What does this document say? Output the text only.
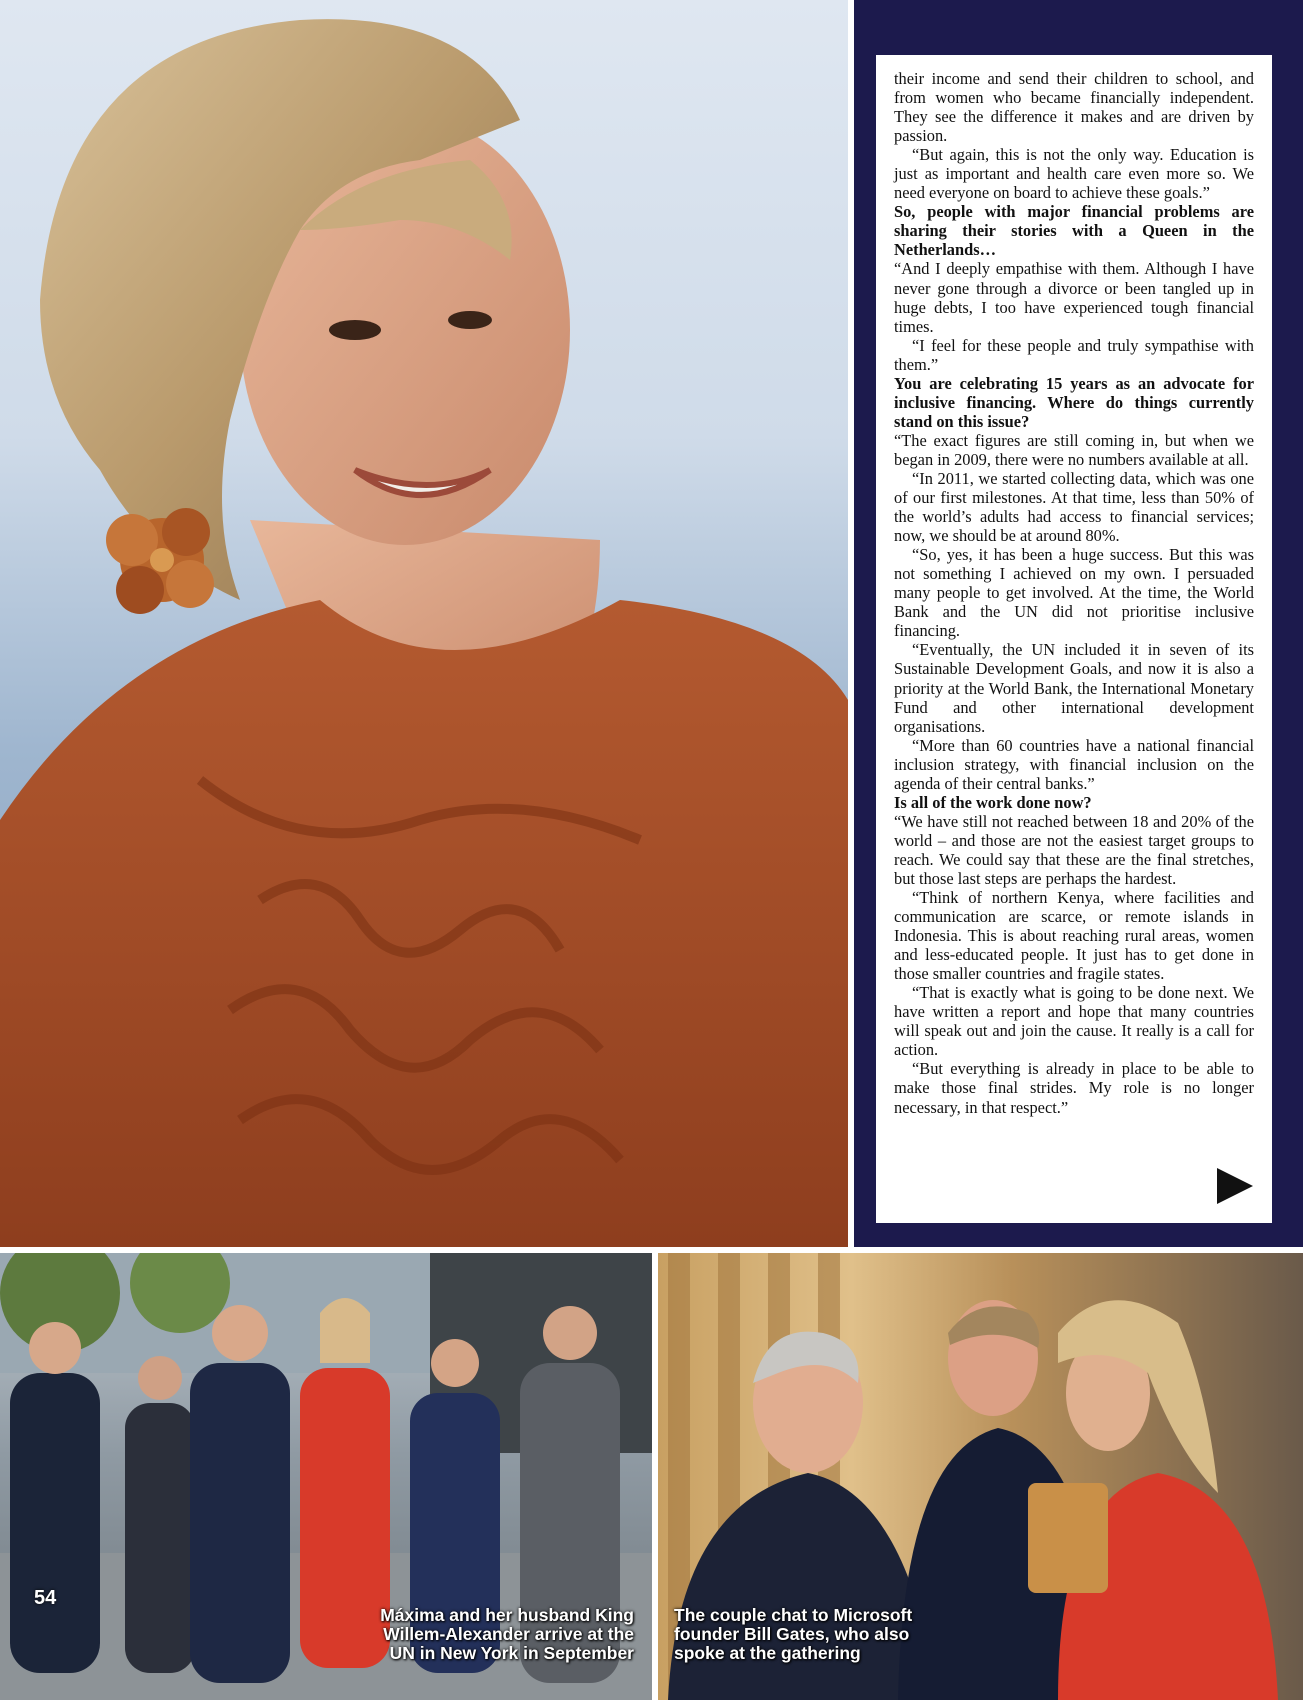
their income and send their children to school, and from women who became financially independent. They see the difference it makes and are driven by passion.

“But again, this is not the only way. Education is just as important and health care even more so. We need everyone on board to achieve these goals.”

So, people with major financial problems are sharing their stories with a Queen in the Netherlands…

“And I deeply empathise with them. Although I have never gone through a divorce or been tangled up in huge debts, I too have experienced tough financial times.

“I feel for these people and truly sympathise with them.”

You are celebrating 15 years as an advocate for inclusive financing. Where do things currently stand on this issue?

“The exact figures are still coming in, but when we began in 2009, there were no numbers available at all.

“In 2011, we started collecting data, which was one of our first milestones. At that time, less than 50% of the world’s adults had access to financial services; now, we should be at around 80%.

“So, yes, it has been a huge success. But this was not something I achieved on my own. I persuaded many people to get involved. At the time, the World Bank and the UN did not prioritise inclusive financing.

“Eventually, the UN included it in seven of its Sustainable Development Goals, and now it is also a priority at the World Bank, the International Monetary Fund and other international development organisations.

“More than 60 countries have a national financial inclusion strategy, with financial inclusion on the agenda of their central banks.”

Is all of the work done now?

“We have still not reached between 18 and 20% of the world – and those are not the easiest target groups to reach. We could say that these are the final stretches, but those last steps are perhaps the hardest.

“Think of northern Kenya, where facilities and communication are scarce, or remote islands in Indonesia. This is about reaching rural areas, women and less-educated people. It just has to get done in those smaller countries and fragile states.

“That is exactly what is going to be done next. We have written a report and hope that many countries will speak out and join the cause. It really is a call for action.

“But everything is already in place to be able to make those final strides. My role is no longer necessary, in that respect.”

Máxima and her husband King
Willem-Alexander arrive at the
UN in New York in September
The couple chat to Microsoft
founder Bill Gates, who also
spoke at the gathering
54
